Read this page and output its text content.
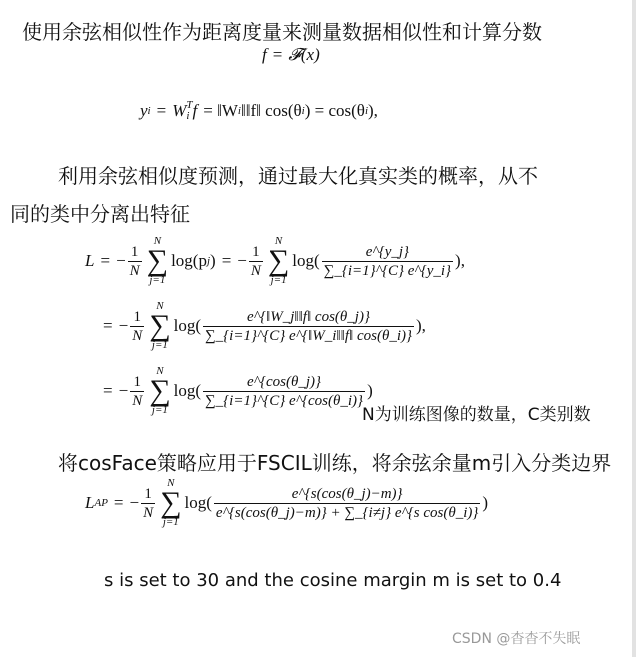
使用余弦相似性作为距离度量来测量数据相似性和计算分数
f = 𝓕(x)
y i = W T
i f = ‖W i ‖‖f‖ cos(θ i ) = cos(θ i ),
利用余弦相似度预测，通过最大化真实类的概率，从不
同的类中分离出特征
L = − $\frac{1}{N}$
N
∑
j=1
log(p j ) = − $\frac{1}{N}$
N
∑
j=1
$\log( \frac{e\^{}\{y\_j\}}{\sum\_\{i=1\}\^{}\{C\} e\^{}\{y\_i\}}$ ),
= − $\frac{1}{N}$
N
∑
j=1
$\log( \frac{e\^{}\{‖W\_j‖‖f‖ \cos(\theta\_j)\}}{\sum\_\{i=1\}\^{}\{C\} e\^{}\{‖W\_i‖‖f‖ \cos(\theta\_i)\}}$ ),
= − $\frac{1}{N}$
N
∑
j=1
$\log( \frac{e\^{}\{\cos(\theta\_j)\}}{\sum\_\{i=1\}\^{}\{C\} e\^{}\{\cos(\theta\_i)\}}$ )
N为训练图像的数量，C类别数
将cosFace策略应用于FSCIL训练，将余弦余量m引入分类边界
L AP = − $\frac{1}{N}$
N
∑
j=1
$\log( \frac{e\^{}\{s(\cos(\theta\_j)-m)\}}{\text{e\textasciicircum{}\{s(cos(θ\_j)−m)\} + ∑\_\{i≠j\} e\textasciicircum{}\{s cos(θ\_i)\}}}$ )
s is set to 30 and the cosine margin m is set to 0.4
CSDN @杳杳不失眠
